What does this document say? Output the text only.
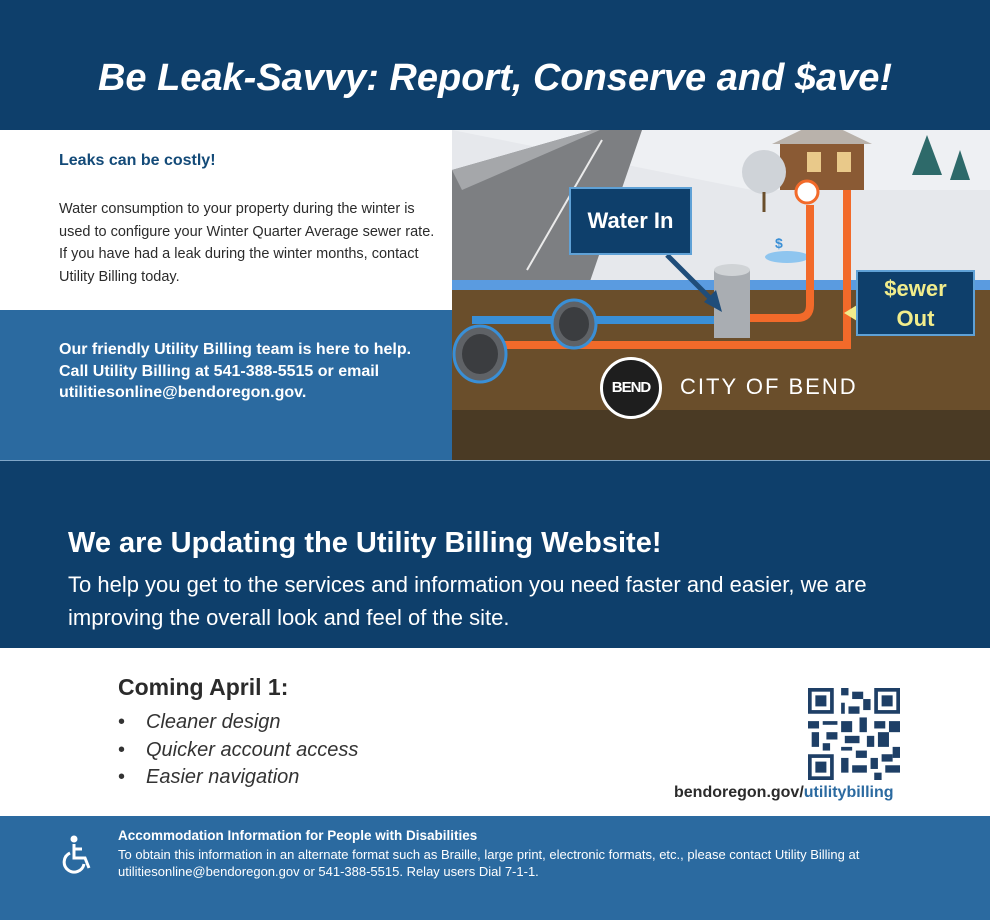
Be Leak-Savvy: Report, Conserve and $ave!
Leaks can be costly!

Water consumption to your property during the winter is used to configure your Winter Quarter Average sewer rate. If you have had a leak during the winter months, contact Utility Billing today.

Our friendly Utility Billing team is here to help. Call Utility Billing at 541-388-5515 or email utilitiesonline@bendoregon.gov.

$
Water In
$ewer
Out
BEND	CITY OF BEND
We are Updating the Utility Billing Website!

To help you get to the services and information you need faster and easier, we are improving the overall look and feel of the site.

Coming April 1:
• Cleaner design
• Quicker account access
• Easier navigation
bendoregon.gov/utilitybilling
Accommodation Information for People with Disabilities

To obtain this information in an alternate format such as Braille, large print, electronic formats, etc., please contact Utility Billing at utilitiesonline@bendoregon.gov or 541-388-5515. Relay users Dial 7-1-1.
